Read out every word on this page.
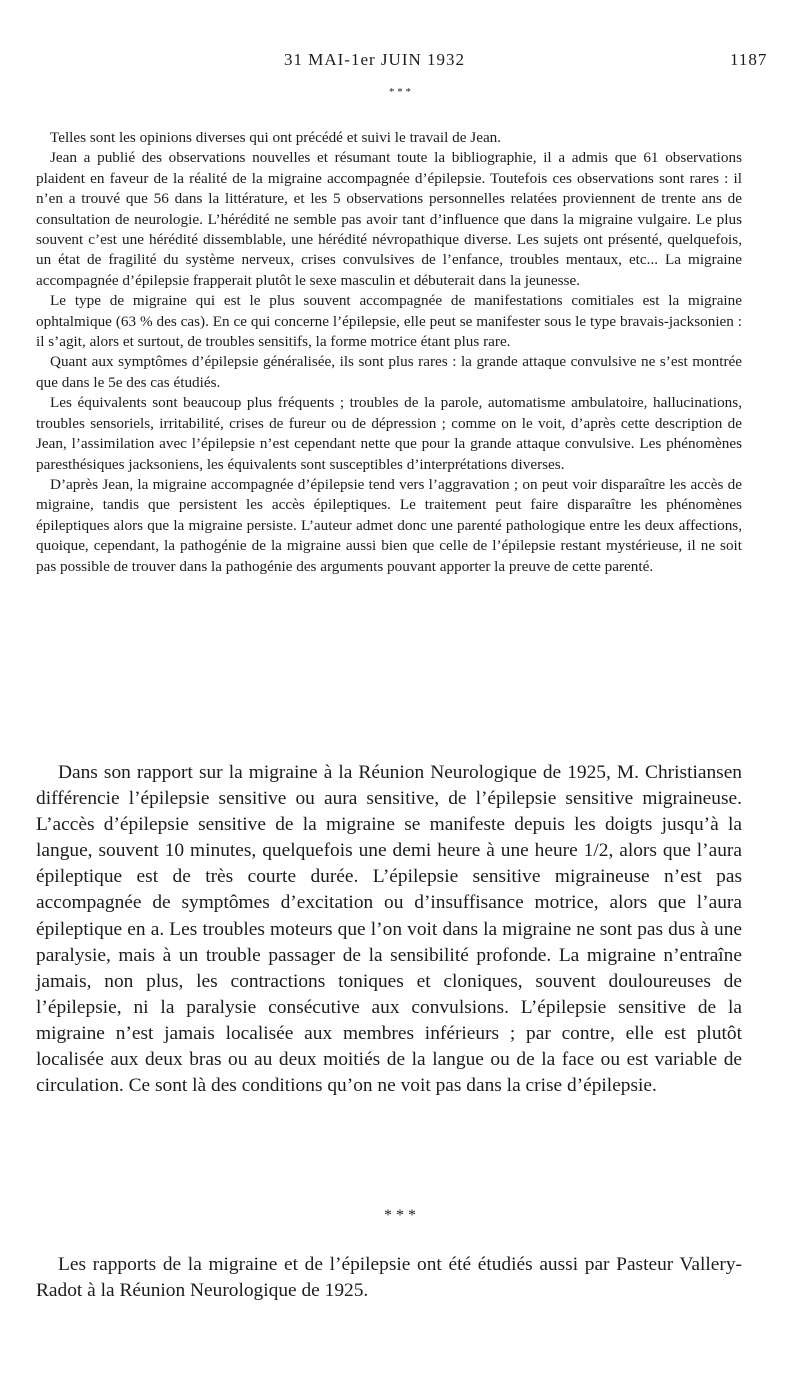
31 MAI-1er JUIN 1932	1187
* * *

Telles sont les opinions diverses qui ont précédé et suivi le travail de Jean.

Jean a publié des observations nouvelles et résumant toute la bibliographie, il a admis que 61 observations plaident en faveur de la réalité de la migraine accompagnée d’épilepsie. Toutefois ces observations sont rares : il n’en a trouvé que 56 dans la littérature, et les 5 observations personnelles relatées proviennent de trente ans de consultation de neurologie. L’hérédité ne semble pas avoir tant d’influence que dans la migraine vulgaire. Le plus souvent c’est une hérédité dissemblable, une hérédité névropathique diverse. Les sujets ont présenté, quelquefois, un état de fragilité du système nerveux, crises convulsives de l’enfance, troubles mentaux, etc... La migraine accompagnée d’épilepsie frapperait plutôt le sexe masculin et débuterait dans la jeunesse.

Le type de migraine qui est le plus souvent accompagnée de manifestations comitiales est la migraine ophtalmique (63 % des cas). En ce qui concerne l’épilepsie, elle peut se manifester sous le type bravais-jacksonien : il s’agit, alors et surtout, de troubles sensitifs, la forme motrice étant plus rare.

Quant aux symptômes d’épilepsie généralisée, ils sont plus rares : la grande attaque convulsive ne s’est montrée que dans le 5e des cas étudiés.

Les équivalents sont beaucoup plus fréquents ; troubles de la parole, automatisme ambulatoire, hallucinations, troubles sensoriels, irritabilité, crises de fureur ou de dépression ; comme on le voit, d’après cette description de Jean, l’assimilation avec l’épilepsie n’est cependant nette que pour la grande attaque convulsive. Les phénomènes paresthésiques jacksoniens, les équivalents sont susceptibles d’interprétations diverses.

D’après Jean, la migraine accompagnée d’épilepsie tend vers l’aggravation ; on peut voir disparaître les accès de migraine, tandis que persistent les accès épileptiques. Le traitement peut faire disparaître les phénomènes épileptiques alors que la migraine persiste. L’auteur admet donc une parenté pathologique entre les deux affections, quoique, cependant, la pathogénie de la migraine aussi bien que celle de l’épilepsie restant mystérieuse, il ne soit pas possible de trouver dans la pathogénie des arguments pouvant apporter la preuve de cette parenté.

Dans son rapport sur la migraine à la Réunion Neurologique de 1925, M. Christiansen différencie l’épilepsie sensitive ou aura sensitive, de l’épilepsie sensitive migraineuse. L’accès d’épilepsie sensitive de la migraine se manifeste depuis les doigts jusqu’à la langue, souvent 10 minutes, quelquefois une demi heure à une heure 1/2, alors que l’aura épileptique est de très courte durée. L’épilepsie sensitive migraineuse n’est pas accompagnée de symptômes d’excitation ou d’insuffisance motrice, alors que l’aura épileptique en a. Les troubles moteurs que l’on voit dans la migraine ne sont pas dus à une paralysie, mais à un trouble passager de la sensibilité profonde. La migraine n’entraîne jamais, non plus, les contractions toniques et cloniques, souvent douloureuses de l’épilepsie, ni la paralysie consécutive aux convulsions. L’épilepsie sensitive de la migraine n’est jamais localisée aux membres inférieurs ; par contre, elle est plutôt localisée aux deux bras ou au deux moitiés de la langue ou de la face ou est variable de circulation. Ce sont là des conditions qu’on ne voit pas dans la crise d’épilepsie.

* * *

Les rapports de la migraine et de l’épilepsie ont été étudiés aussi par Pasteur Vallery-Radot à la Réunion Neurologique de 1925.
